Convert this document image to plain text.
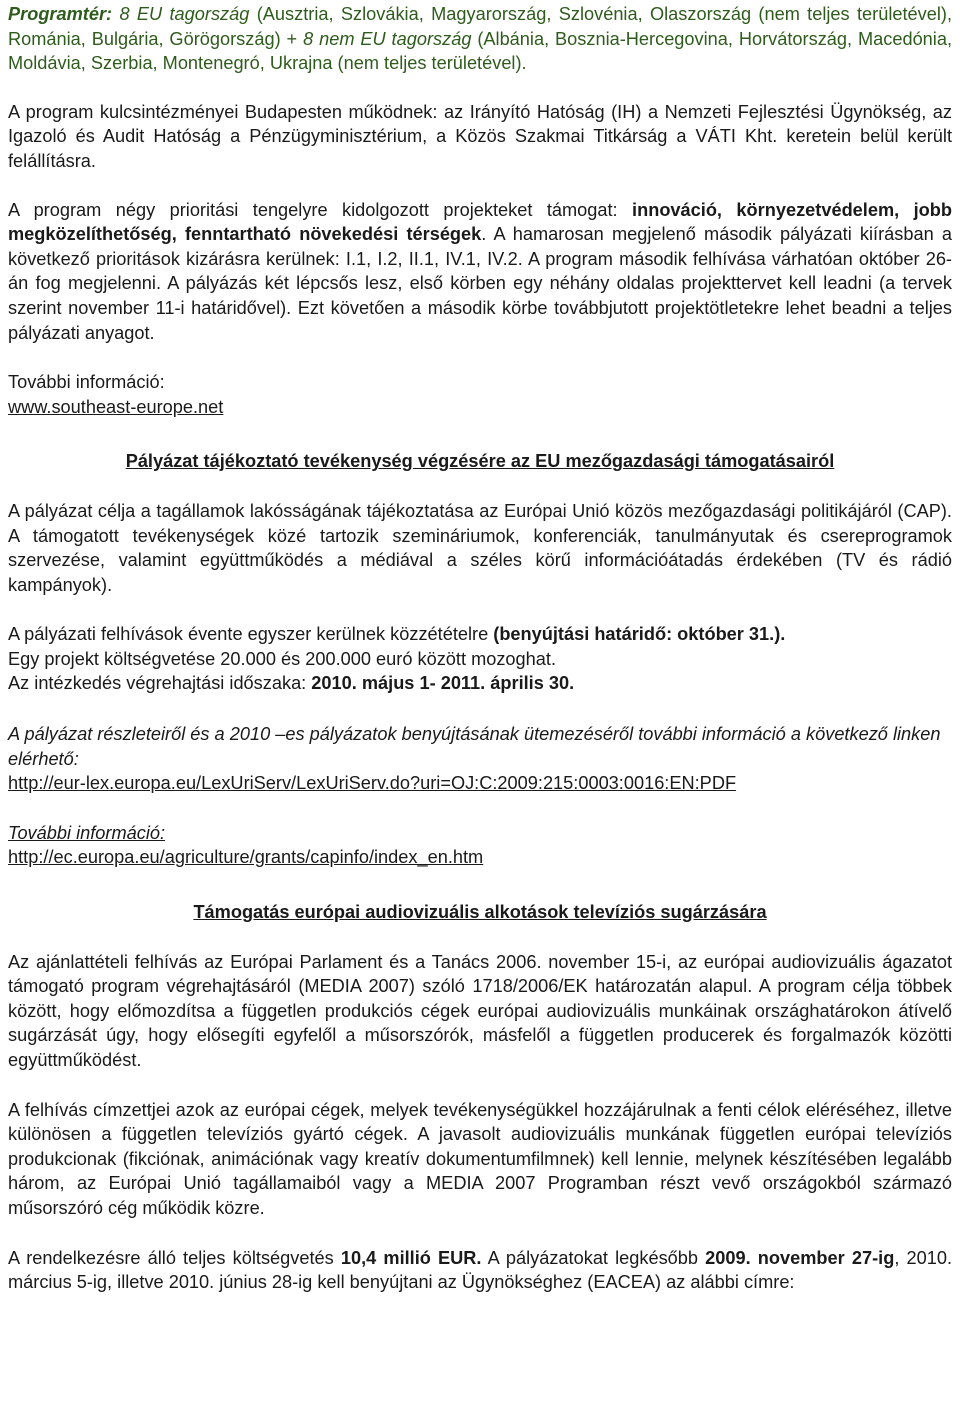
Programtér: 8 EU tagország (Ausztria, Szlovákia, Magyarország, Szlovénia, Olaszország (nem teljes területével), Románia, Bulgária, Görögország) + 8 nem EU tagország (Albánia, Bosznia-Hercegovina, Horvátország, Macedónia, Moldávia, Szerbia, Montenegró, Ukrajna (nem teljes területével).

A program kulcsintézményei Budapesten működnek: az Irányító Hatóság (IH) a Nemzeti Fejlesztési Ügynökség, az Igazoló és Audit Hatóság a Pénzügyminisztérium, a Közös Szakmai Titkárság a VÁTI Kht. keretein belül került felállításra.

A program négy prioritási tengelyre kidolgozott projekteket támogat: innováció, környezetvédelem, jobb megközelíthetőség, fenntartható növekedési térségek. A hamarosan megjelenő második pályázati kiírásban a következő prioritások kizárásra kerülnek: I.1, I.2, II.1, IV.1, IV.2. A program második felhívása várhatóan október 26-án fog megjelenni. A pályázás két lépcsős lesz, első körben egy néhány oldalas projekttervet kell leadni (a tervek szerint november 11-i határidővel). Ezt követően a második körbe továbbjutott projektötletekre lehet beadni a teljes pályázati anyagot.

További információ:
www.southeast-europe.net

Pályázat tájékoztató tevékenység végzésére az EU mezőgazdasági támogatásairól

A pályázat célja a tagállamok lakósságának tájékoztatása az Európai Unió közös mezőgazdasági politikájáról (CAP). A támogatott tevékenységek közé tartozik szemináriumok, konferenciák, tanulmányutak és csereprogramok szervezése, valamint együttműködés a médiával a széles körű információátadás érdekében (TV és rádió kampányok).

A pályázati felhívások évente egyszer kerülnek közzétételre (benyújtási határidő: október 31.).
Egy projekt költségvetése 20.000 és 200.000 euró között mozoghat.
Az intézkedés végrehajtási időszaka: 2010. május 1- 2011. április 30.

A pályázat részleteiről és a 2010 –es pályázatok benyújtásának ütemezéséről további információ a következő linken elérhető:
http://eur-lex.europa.eu/LexUriServ/LexUriServ.do?uri=OJ:C:2009:215:0003:0016:EN:PDF

További információ:
http://ec.europa.eu/agriculture/grants/capinfo/index_en.htm

Támogatás európai audiovizuális alkotások televíziós sugárzására

Az ajánlattételi felhívás az Európai Parlament és a Tanács 2006. november 15-i, az európai audiovizuális ágazatot támogató program végrehajtásáról (MEDIA 2007) szóló 1718/2006/EK határozatán alapul. A program célja többek között, hogy előmozdítsa a független produkciós cégek európai audiovizuális munkáinak országhatárokon átívelő sugárzását úgy, hogy elősegíti egyfelől a műsorszórók, másfelől a független producerek és forgalmazók közötti együttműködést.

A felhívás címzettjei azok az európai cégek, melyek tevékenységükkel hozzájárulnak a fenti célok eléréséhez, illetve különösen a független televíziós gyártó cégek. A javasolt audiovizuális munkának független európai televíziós produkcionak (fikciónak, animációnak vagy kreatív dokumentumfilmnek) kell lennie, melynek készítésében legalább három, az Európai Unió tagállamaiból vagy a MEDIA 2007 Programban részt vevő országokból származó műsorszóró cég működik közre.

A rendelkezésre álló teljes költségvetés 10,4 millió EUR. A pályázatokat legkésőbb 2009. november 27-ig, 2010. március 5-ig, illetve 2010. június 28-ig kell benyújtani az Ügynökséghez (EACEA) az alábbi címre:
